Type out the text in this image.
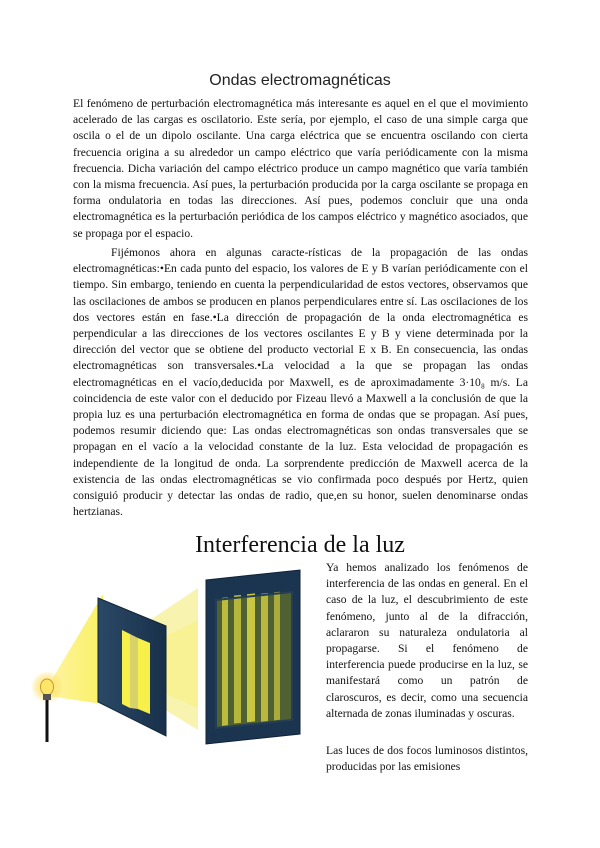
Ondas electromagnéticas
El fenómeno de perturbación electromagnética más interesante es aquel en el que el movimiento acelerado de las cargas es oscilatorio. Este sería, por ejemplo, el caso de una simple carga que oscila o el de un dipolo oscilante. Una carga eléctrica que se encuentra oscilando con cierta frecuencia origina a su alrededor un campo eléctrico que varía periódicamente con la misma frecuencia. Dicha variación del campo eléctrico produce un campo magnético que varía también con la misma frecuencia. Así pues, la perturbación producida por la carga oscilante se propaga en forma ondulatoria en todas las direcciones. Así pues, podemos concluir que una onda electromagnética es la perturbación periódica de los campos eléctrico y magnético asociados, que se propaga por el espacio.
Fijémonos ahora en algunas caracte-rísticas de la propagación de las ondas electromagnéticas:•En cada punto del espacio, los valores de E y B varían periódicamente con el tiempo. Sin embargo, teniendo en cuenta la perpendicularidad de estos vectores, observamos que las oscilaciones de ambos se producen en planos perpendiculares entre sí. Las oscilaciones de los dos vectores están en fase.•La dirección de propagación de la onda electromagnética es perpendicular a las direcciones de los vectores oscilantes E y B y viene determinada por la dirección del vector que se obtiene del producto vectorial E x B. En consecuencia, las ondas electromagnéticas son transversales.•La velocidad a la que se propagan las ondas electromagnéticas en el vacío,deducida por Maxwell, es de aproximadamente 3·10₈ m/s. La coincidencia de este valor con el deducido por Fizeau llevó a Maxwell a la conclusión de que la propia luz es una perturbación electromagnética en forma de ondas que se propagan. Así pues, podemos resumir diciendo que: Las ondas electromagnéticas son ondas transversales que se propagan en el vacío a la velocidad constante de la luz. Esta velocidad de propagación es independiente de la longitud de onda. La sorprendente predicción de Maxwell acerca de la existencia de las ondas electromagnéticas se vio confirmada poco después por Hertz, quien consiguió producir y detectar las ondas de radio, que,en su honor, suelen denominarse ondas hertzianas.
Interferencia de la luz
Ya hemos analizado los fenómenos de interferencia de las ondas en general. En el caso de la luz, el descubrimiento de este fenómeno, junto al de la difracción, aclararon su naturaleza ondulatoria al propagarse. Si el fenómeno de interferencia puede producirse en la luz, se manifestará como un patrón de claroscuros, es decir, como una secuencia alternada de zonas iluminadas y oscuras.
Las luces de dos focos luminosos distintos, producidas por las emisiones
